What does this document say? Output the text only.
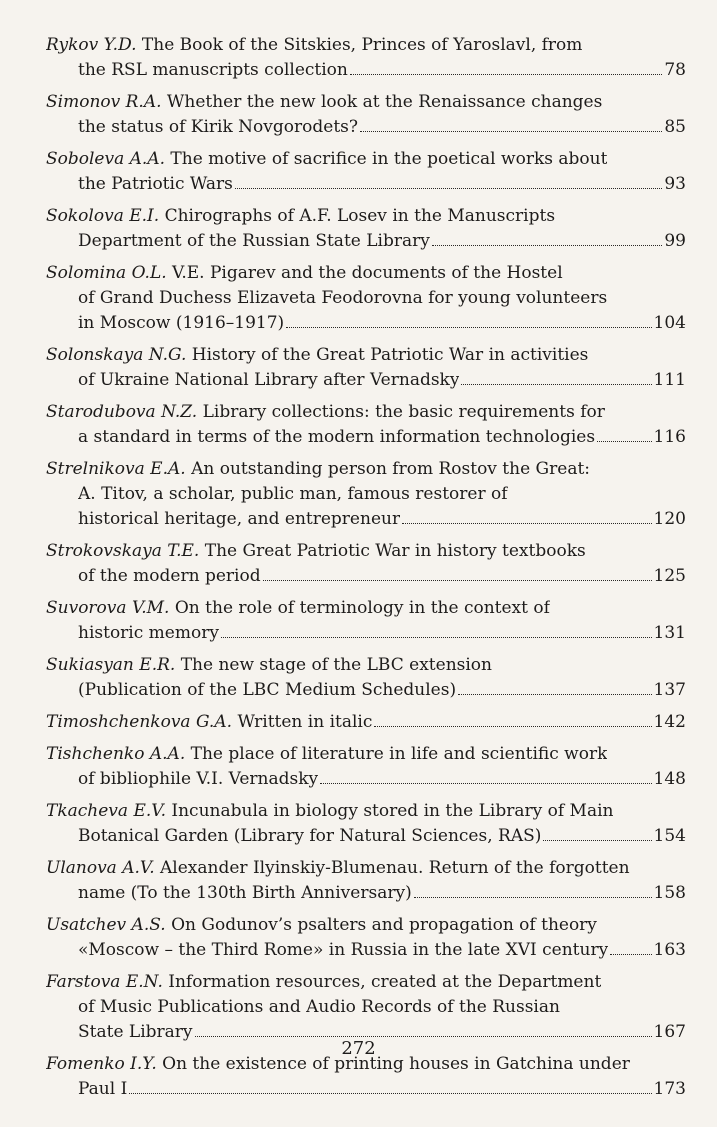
Rykov Y.D. The Book of the Sitskies, Princes of Yaroslavl, from
the RSL manuscripts collection	78
Simonov R.A. Whether the new look at the Renaissance changes
the status of Kirik Novgorodets?	85
Soboleva A.A. The motive of sacrifice in the poetical works about
the Patriotic Wars	93
Sokolova E.I. Chirographs of A.F. Losev in the Manuscripts
Department of the Russian State Library	99
Solomina O.L. V.E. Pigarev and the documents of the Hostel
of Grand Duchess Elizaveta Feodorovna for young volunteers
in Moscow (1916–1917)	104
Solonskaya N.G. History of the Great Patriotic War in activities
of Ukraine National Library after Vernadsky	111
Starodubova N.Z. Library collections: the basic requirements for
a standard in terms of the modern information technologies	116
Strelnikova E.A. An outstanding person from Rostov the Great:
A. Titov, a scholar, public man, famous restorer of
historical heritage, and entrepreneur	120
Strokovskaya T.E. The Great Patriotic War in history textbooks
of the modern period	125
Suvorova V.M. On the role of terminology in the context of
historic memory	131
Sukiasyan E.R. The new stage of the LBC extension
(Publication of the LBC Medium Schedules)	137
Timoshchenkova G.A. Written in italic	142
Tishchenko A.A. The place of literature in life and scientific work
of bibliophile V.I. Vernadsky	148
Tkacheva E.V. Incunabula in biology stored in the Library of Main
Botanical Garden (Library for Natural Sciences, RAS)	154
Ulanova A.V. Alexander Ilyinskiy-Blumenau. Return of the forgotten
name (To the 130th Birth Anniversary)	158
Usatchev A.S. On Godunov’s psalters and propagation of theory
«Moscow – the Third Rome» in Russia in the late XVI century	163
Farstova E.N. Information resources, created at the Department
of Music Publications and Audio Records of the Russian
State Library	167
Fomenko I.Y. On the existence of printing houses in Gatchina under
Paul I	173
272
